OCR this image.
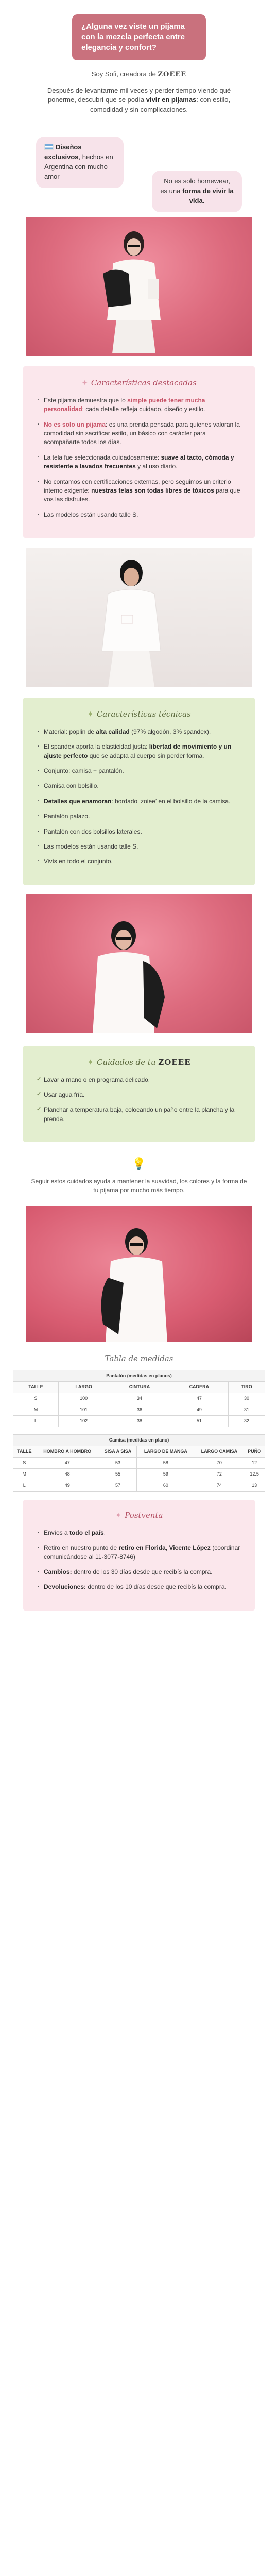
¿Alguna vez viste un pijama con la mezcla perfecta entre elegancia y confort?

Soy Sofi, creadora de ZOEEE

Después de levantarme mil veces y perder tiempo viendo qué ponerme, descubrí que se podía vivir en pijamas: con estilo, comodidad y sin complicaciones.

Diseños exclusivos, hechos en Argentina con mucho amor
No es solo homewear, es una forma de vivir la vida.
✦ Características destacadas
· Este pijama demuestra que lo simple puede tener mucha personalidad: cada detalle refleja cuidado, diseño y estilo.
· No es solo un pijama: es una prenda pensada para quienes valoran la comodidad sin sacrificar estilo, un básico con carácter para acompañarte todos los días.
· La tela fue seleccionada cuidadosamente: suave al tacto, cómoda y resistente a lavados frecuentes y al uso diario.
· No contamos con certificaciones externas, pero seguimos un criterio interno exigente: nuestras telas son todas libres de tóxicos para que vos las disfrutes.
· Las modelos están usando talle S.
✦ Características técnicas
· Material: poplin de alta calidad (97% algodón, 3% spandex).
· El spandex aporta la elasticidad justa: libertad de movimiento y un ajuste perfecto que se adapta al cuerpo sin perder forma.
· Conjunto: camisa + pantalón.
· Camisa con bolsillo.
· Detalles que enamoran: bordado ‘zoiee’ en el bolsillo de la camisa.
· Pantalón palazo.
· Pantalón con dos bolsillos laterales.
· Las modelos están usando talle S.
· Vivís en todo el conjunto.
✦ Cuidados de tu ZOEEE
✓ Lavar a mano o en programa delicado.
✓ Usar agua fría.
✓ Planchar a temperatura baja, colocando un paño entre la plancha y la prenda.
💡
Seguir estos cuidados ayuda a mantener la suavidad, los colores y la forma de tu pijama por mucho más tiempo.
Tabla de medidas
Pantalón (medidas en planos)				
TALLE	LARGO	CINTURA	CADERA	TIRO
S	100	34	47	30
M	101	36	49	31
L	102	38	51	32
Camisa (medidas en plano)					
TALLE	HOMBRO A HOMBRO	SISA A SISA	LARGO DE MANGA	LARGO CAMISA	PUÑO
S	47	53	58	70	12
M	48	55	59	72	12.5
L	49	57	60	74	13
✦ Postventa
· Envíos a todo el país.
· Retiro en nuestro punto de retiro en Florida, Vicente López (coordinar comunicándose al 11-3077-8746)
· Cambios: dentro de los 30 días desde que recibís la compra.
· Devoluciones: dentro de los 10 días desde que recibís la compra.
